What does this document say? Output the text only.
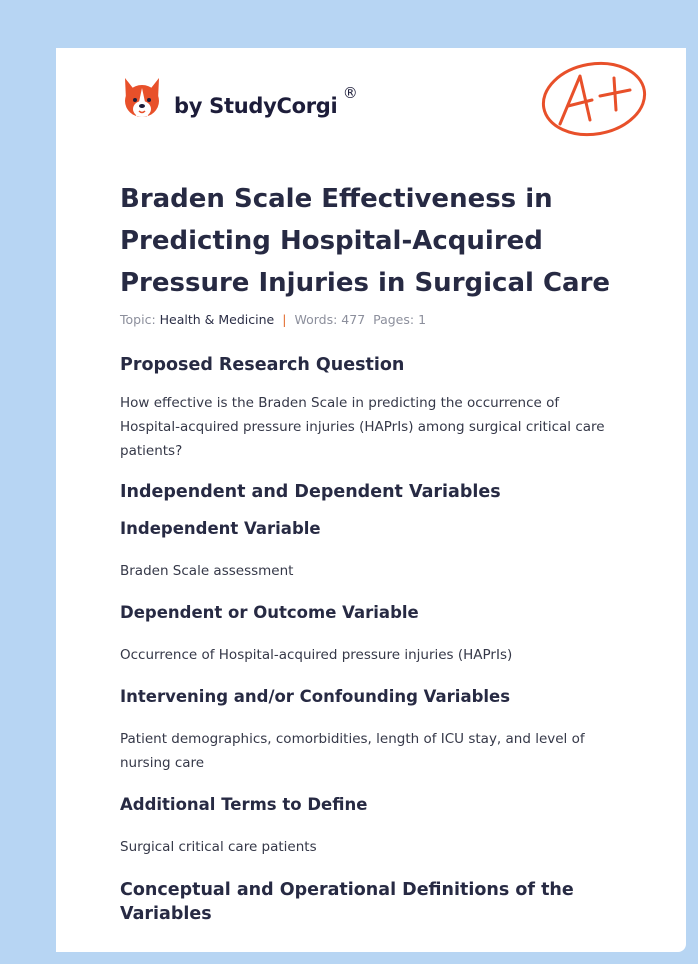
by StudyCorgi
®
Braden Scale Effectiveness in Predicting Hospital-Acquired Pressure Injuries in Surgical Care
Topic: Health & Medicine | Words: 477 Pages: 1
Proposed Research Question

How effective is the Braden Scale in predicting the occurrence of Hospital-acquired pressure injuries (HAPrIs) among surgical critical care patients?

Independent and Dependent Variables
Independent Variable

Braden Scale assessment

Dependent or Outcome Variable

Occurrence of Hospital-acquired pressure injuries (HAPrIs)

Intervening and/or Confounding Variables

Patient demographics, comorbidities, length of ICU stay, and level of nursing care

Additional Terms to Define

Surgical critical care patients

Conceptual and Operational Definitions of the Variables
